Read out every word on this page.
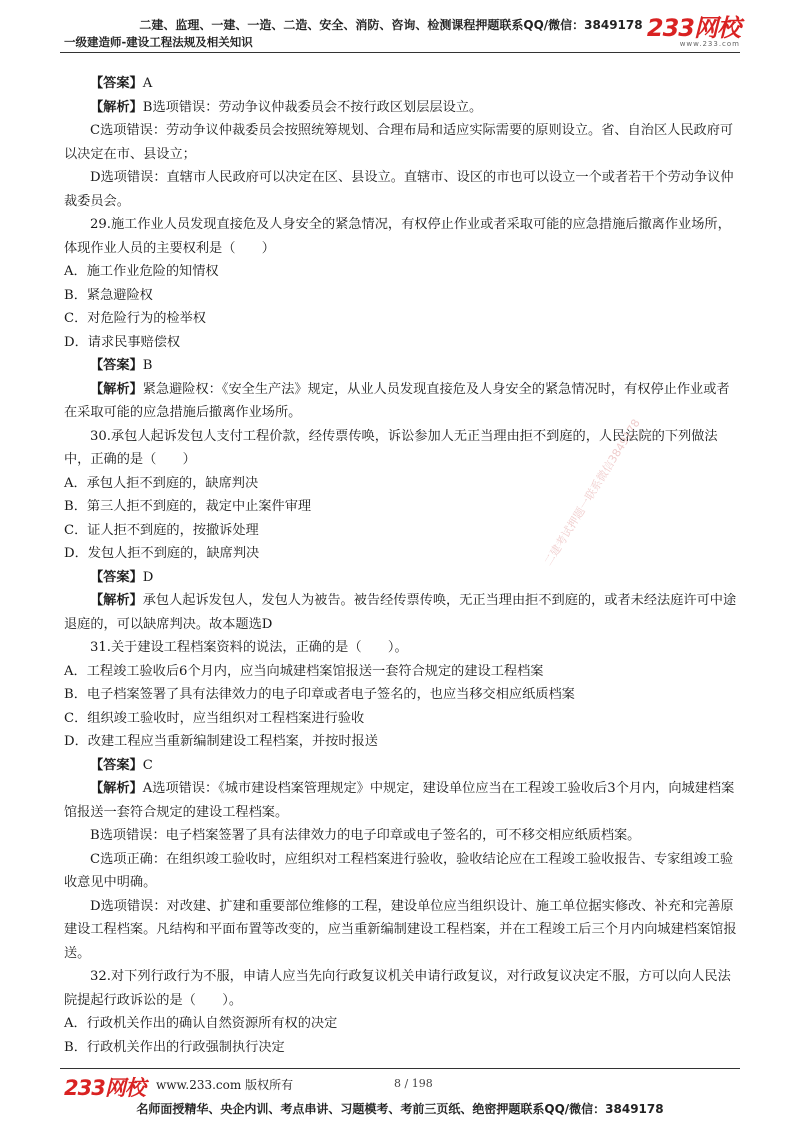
二建、监理、一建、一造、二造、安全、消防、咨询、检测课程押题联系QQ/微信：3849178
一级建造师-建设工程法规及相关知识	233网校
www.233.com

【答案】A

【解析】B选项错误：劳动争议仲裁委员会不按行政区划层层设立。

C选项错误：劳动争议仲裁委员会按照统筹规划、合理布局和适应实际需要的原则设立。省、自治区人民政府可以决定在市、县设立；

D选项错误：直辖市人民政府可以决定在区、县设立。直辖市、设区的市也可以设立一个或者若干个劳动争议仲裁委员会。

29.施工作业人员发现直接危及人身安全的紧急情况，有权停止作业或者采取可能的应急措施后撤离作业场所，体现作业人员的主要权利是（　　）

A．施工作业危险的知情权

B．紧急避险权

C．对危险行为的检举权

D．请求民事赔偿权

【答案】B

【解析】紧急避险权：《安全生产法》规定，从业人员发现直接危及人身安全的紧急情况时，有权停止作业或者在采取可能的应急措施后撤离作业场所。

30.承包人起诉发包人支付工程价款，经传票传唤，诉讼参加人无正当理由拒不到庭的，人民法院的下列做法中，正确的是（　　）

A．承包人拒不到庭的，缺席判决

B．第三人拒不到庭的，裁定中止案件审理

C．证人拒不到庭的，按撤诉处理

D．发包人拒不到庭的，缺席判决

【答案】D

【解析】承包人起诉发包人，发包人为被告。被告经传票传唤，无正当理由拒不到庭的，或者未经法庭许可中途退庭的，可以缺席判决。故本题选D

31.关于建设工程档案资料的说法，正确的是（　　）。

A．工程竣工验收后6个月内，应当向城建档案馆报送一套符合规定的建设工程档案

B．电子档案签署了具有法律效力的电子印章或者电子签名的，也应当移交相应纸质档案

C．组织竣工验收时，应当组织对工程档案进行验收

D．改建工程应当重新编制建设工程档案，并按时报送

【答案】C

【解析】A选项错误：《城市建设档案管理规定》中规定，建设单位应当在工程竣工验收后3个月内，向城建档案馆报送一套符合规定的建设工程档案。

B选项错误：电子档案签署了具有法律效力的电子印章或电子签名的，可不移交相应纸质档案。

C选项正确：在组织竣工验收时，应组织对工程档案进行验收，验收结论应在工程竣工验收报告、专家组竣工验收意见中明确。

D选项错误：对改建、扩建和重要部位维修的工程，建设单位应当组织设计、施工单位据实修改、补充和完善原建设工程档案。凡结构和平面布置等改变的，应当重新编制建设工程档案，并在工程竣工后三个月内向城建档案馆报送。

32.对下列行政行为不服，申请人应当先向行政复议机关申请行政复议，对行政复议决定不服，方可以向人民法院提起行政诉讼的是（　　）。

A．行政机关作出的确认自然资源所有权的决定

B．行政机关作出的行政强制执行决定

二建考试押题一联系微信3849178
233网校 www.233.com 版权所有	8 / 198
名师面授精华、央企内训、考点串讲、习题模考、考前三页纸、绝密押题联系QQ/微信：3849178
